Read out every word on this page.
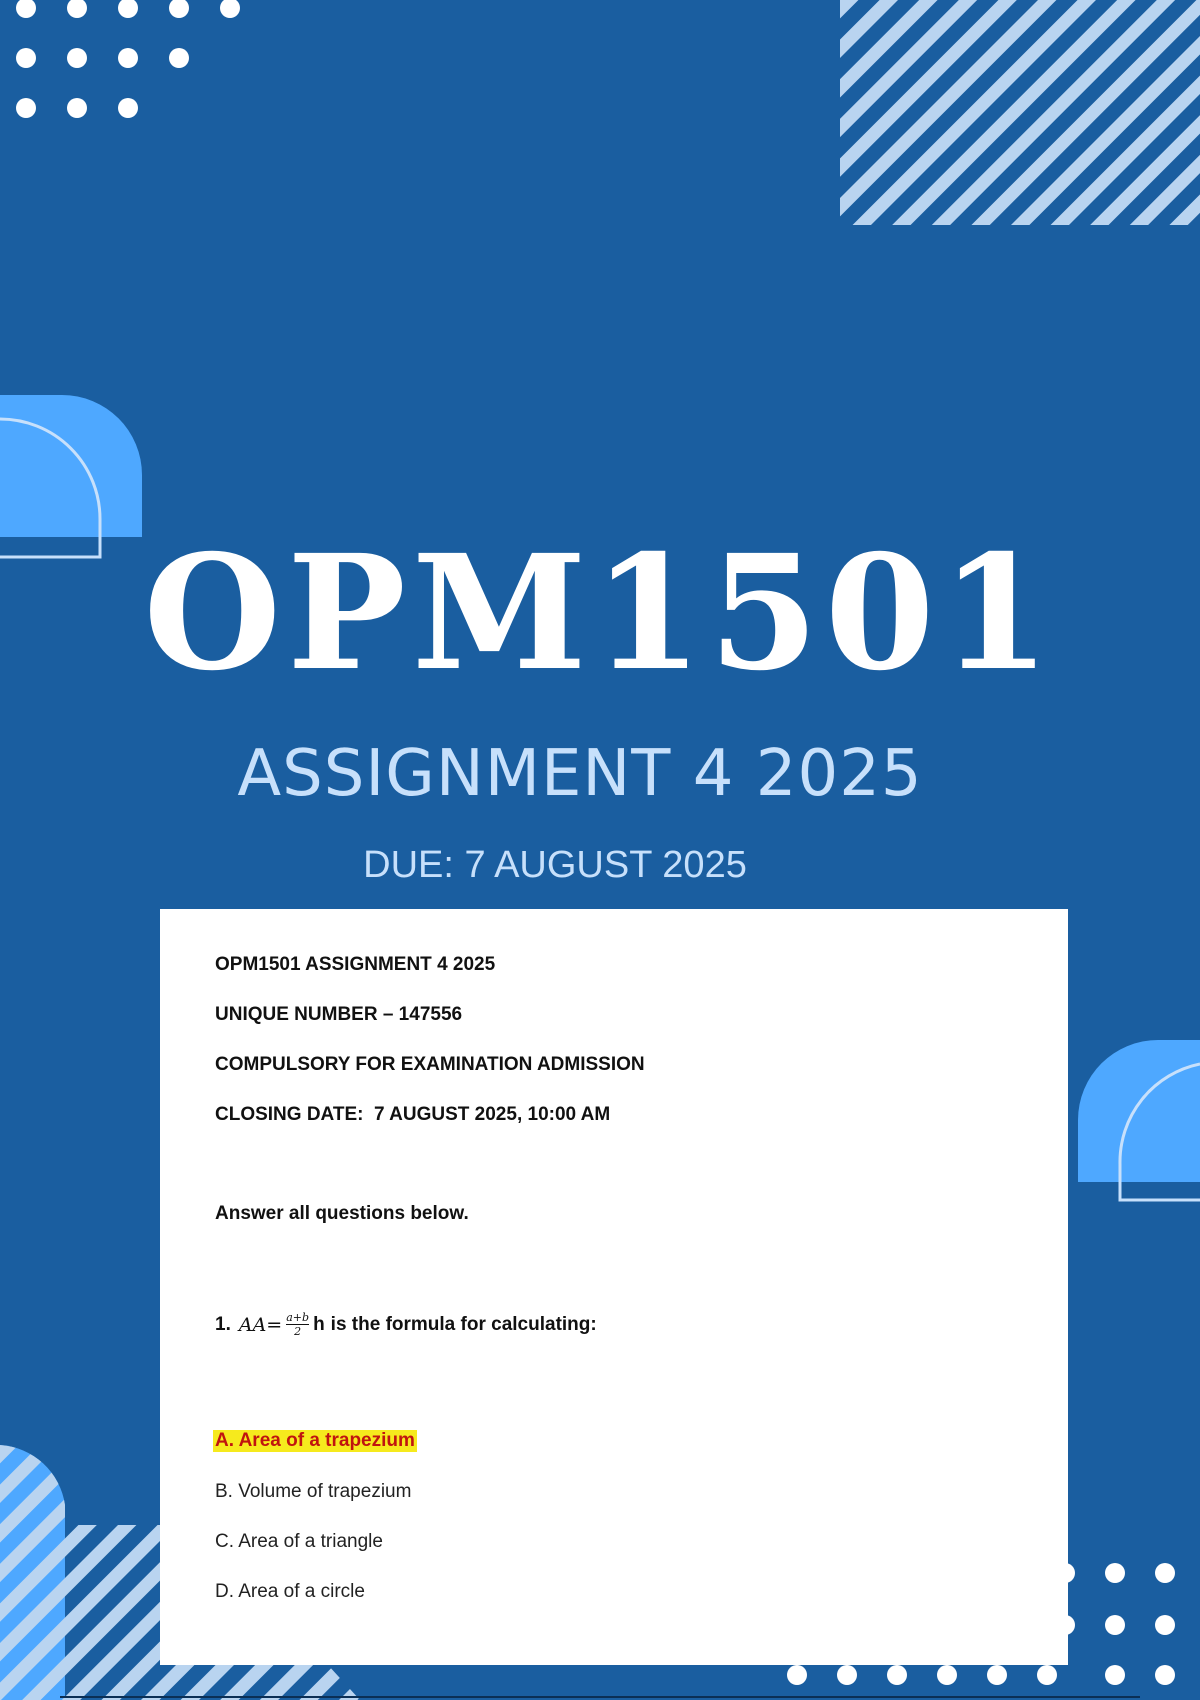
OPM1501
ASSIGNMENT 4 2025
DUE: 7 AUGUST 2025

OPM1501 ASSIGNMENT 4 2025

UNIQUE NUMBER – 147556

COMPULSORY FOR EXAMINATION ADMISSION

CLOSING DATE:  7 AUGUST 2025, 10:00 AM

Answer all questions below.

1. $AA= \frac{a+b}{2}$ h is the formula for calculating:

A. Area of a trapezium

B. Volume of trapezium

C. Area of a triangle

D. Area of a circle
